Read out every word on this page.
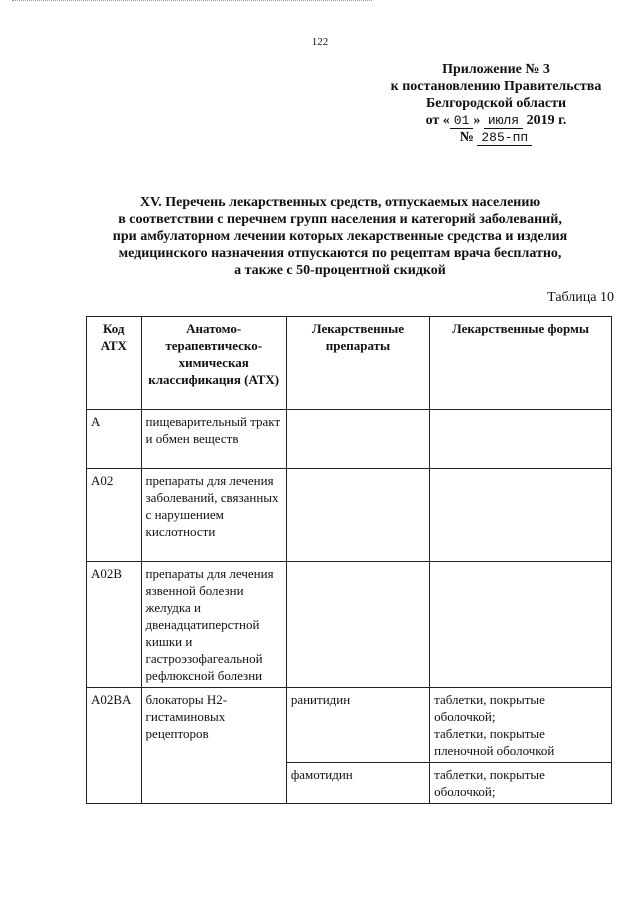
122
Приложение № 3
к постановлению Правительства
Белгородской области
от « 01 » июля 2019 г.
№ 285-пп
XV. Перечень лекарственных средств, отпускаемых населению
в соответствии с перечнем групп населения и категорий заболеваний,
при амбулаторном лечении которых лекарственные средства и изделия
медицинского назначения отпускаются по рецептам врача бесплатно,
а также с 50-процентной скидкой
Таблица 10
Код АТХ	Анатомо-терапевтическо-химическая классификация (АТХ)	Лекарственные препараты	Лекарственные формы
A	пищеварительный тракт и обмен веществ		
A02	препараты для лечения заболеваний, связанных с нарушением кислотности		
A02B	препараты для лечения язвенной болезни желудка и двенадцатиперстной кишки и гастроэзофагеальной рефлюксной болезни		
A02BA	блокаторы H2-гистаминовых рецепторов	ранитидин	таблетки, покрытые оболочкой;
таблетки, покрытые пленочной оболочкой

		фамотидин	таблетки, покрытые оболочкой;
